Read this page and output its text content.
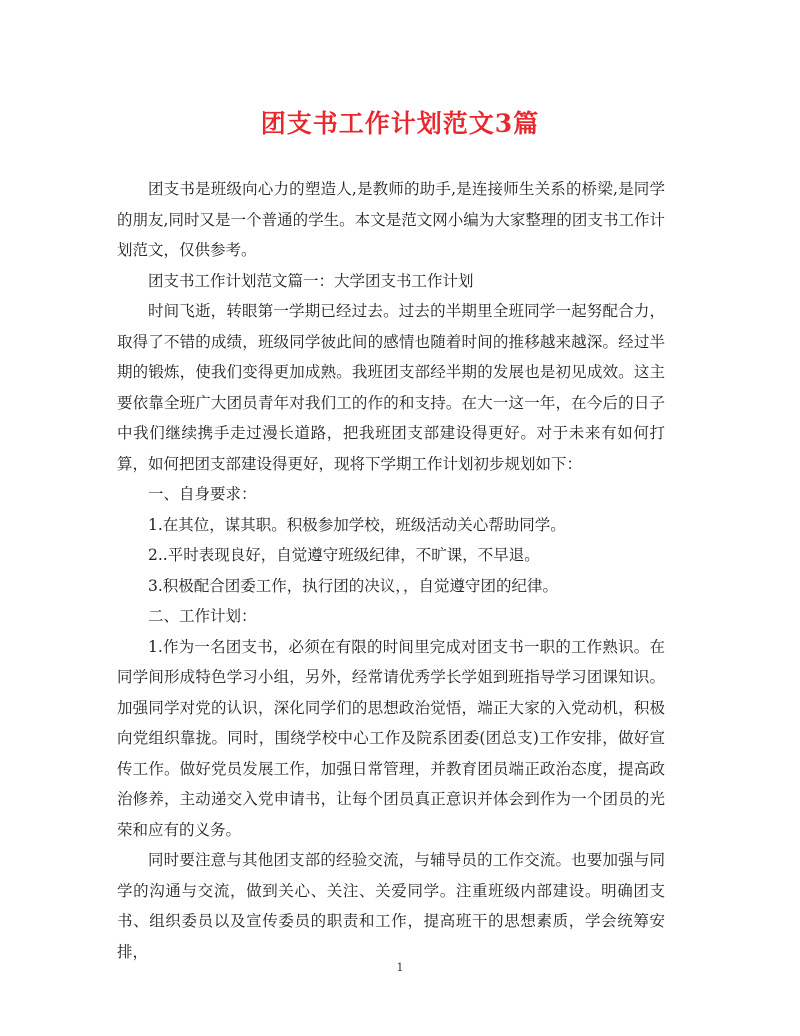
团支书工作计划范文3篇

团支书是班级向心力的塑造人,是教师的助手,是连接师生关系的桥梁,是同学的朋友,同时又是一个普通的学生。本文是范文网小编为大家整理的团支书工作计划范文，仅供参考。

团支书工作计划范文篇一：大学团支书工作计划

时间飞逝，转眼第一学期已经过去。过去的半期里全班同学一起努配合力，取得了不错的成绩，班级同学彼此间的感情也随着时间的推移越来越深。经过半期的锻炼，使我们变得更加成熟。我班团支部经半期的发展也是初见成效。这主要依靠全班广大团员青年对我们工的作的和支持。在大一这一年，在今后的日子中我们继续携手走过漫长道路，把我班团支部建设得更好。对于未来有如何打算，如何把团支部建设得更好，现将下学期工作计划初步规划如下：

一、自身要求：

1.在其位，谋其职。积极参加学校，班级活动关心帮助同学。

2..平时表现良好，自觉遵守班级纪律，不旷课，不早退。

3.积极配合团委工作，执行团的决议，，自觉遵守团的纪律。

二、工作计划：

1.作为一名团支书，必须在有限的时间里完成对团支书一职的工作熟识。在同学间形成特色学习小组，另外，经常请优秀学长学姐到班指导学习团课知识。加强同学对党的认识，深化同学们的思想政治觉悟，端正大家的入党动机，积极向党组织靠拢。同时，围绕学校中心工作及院系团委(团总支)工作安排，做好宣传工作。做好党员发展工作，加强日常管理，并教育团员端正政治态度，提高政治修养，主动递交入党申请书，让每个团员真正意识并体会到作为一个团员的光荣和应有的义务。

同时要注意与其他团支部的经验交流，与辅导员的工作交流。也要加强与同学的沟通与交流，做到关心、关注、关爱同学。注重班级内部建设。明确团支书、组织委员以及宣传委员的职责和工作，提高班干的思想素质，学会统筹安排，

1
